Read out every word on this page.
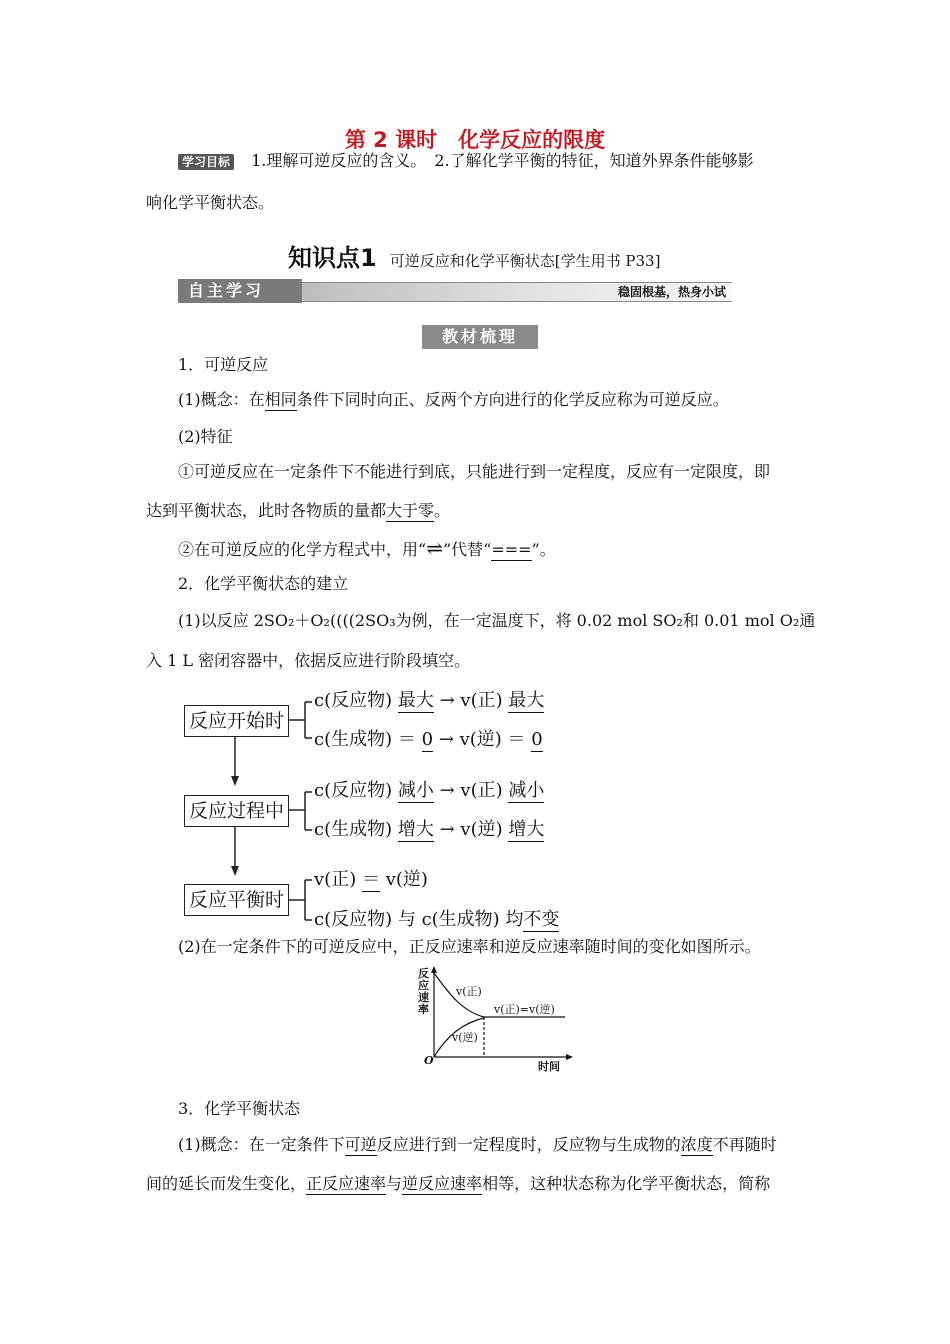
第 2 课时　化学反应的限度
学习目标 1.理解可逆反应的含义。　2.了解化学平衡的特征，知道外界条件能够影
响化学平衡状态。
知识点1 可逆反应和化学平衡状态[学生用书 P33]
自主学习	稳固根基，热身小试
教材梳理
1．可逆反应
(1)概念：在相同条件下同时向正、反两个方向进行的化学反应称为可逆反应。
(2)特征
①可逆反应在一定条件下不能进行到底，只能进行到一定程度，反应有一定限度，即
达到平衡状态，此时各物质的量都大于零。
②在可逆反应的化学方程式中，用“⇌”代替“===”。
2．化学平衡状态的建立
(1)以反应 2SO₂＋O₂((((2SO₃为例，在一定温度下，将 0.02 mol SO₂和 0.01 mol O₂通
入 1 L 密闭容器中，依据反应进行阶段填空。
反应开始时
反应过程中
反应平衡时
c(反应物) 最大 → v(正) 最大
c(生成物) ＝ 0 → v(逆) ＝ 0
c(反应物) 减小 → v(正) 减小
c(生成物) 增大 → v(逆) 增大
v(正) ＝ v(逆)
c(反应物) 与 c(生成物) 均不变
(2)在一定条件下的可逆反应中，正反应速率和逆反应速率随时间的变化如图所示。
反
应
速
率
O	时间
v(正)
v(逆)
v(正)=v(逆)
3．化学平衡状态
(1)概念：在一定条件下可逆反应进行到一定程度时，反应物与生成物的浓度不再随时
间的延长而发生变化，正反应速率与逆反应速率相等，这种状态称为化学平衡状态，简称
